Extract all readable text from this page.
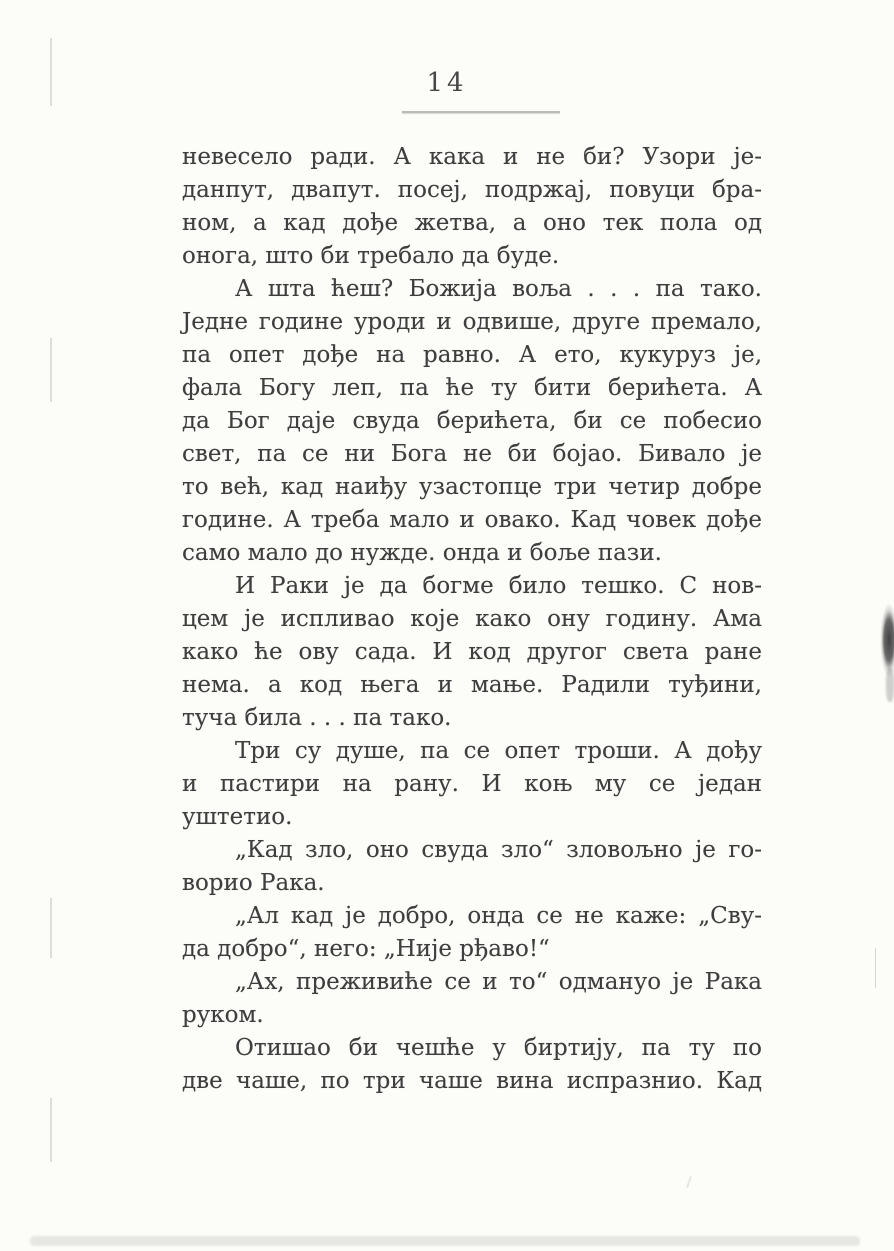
14
невесело ради. А кака и не би? Узори је-
данпут, двапут. посеј, подржај, повуци бра-
ном, а кад дође жетва, а оно тек пола од
онога, што би требало да буде.
А шта ћеш? Божија воља . . . па тако.
Једне године уроди и одвише, друге премало,
па опет дође на равно. А ето, кукуруз је,
фала Богу леп, па ће ту бити берићета. А
да Бог даје свуда берићета, би се побесио
свет, па се ни Бога не би бојао. Бивало је
то већ, кад наиђу узастопце три четир добре
године. А треба мало и овако. Кад човек дође
само мало до нужде. онда и боље пази.
И Раки је да богме било тешко. С нов-
цем је испливао које како ону годину. Ама
како ће ову сада. И код другог света ране
нема. а код њега и мање. Радили туђини,
туча била . . . па тако.
Три су душе, па се опет троши. А дођу
и пастири на рану. И коњ му се један
уштетио.
„Кад зло, оно свуда зло“ зловољно је го-
ворио Рака.
„Ал кад је добро, онда се не каже: „Сву-
да добро“, него: „Није рђаво!“
„Ах, преживиће се и то“ одмануо је Рака
руком.
Отишао би чешће у биртију, па ту по
две чаше, по три чаше вина испразнио. Кад
